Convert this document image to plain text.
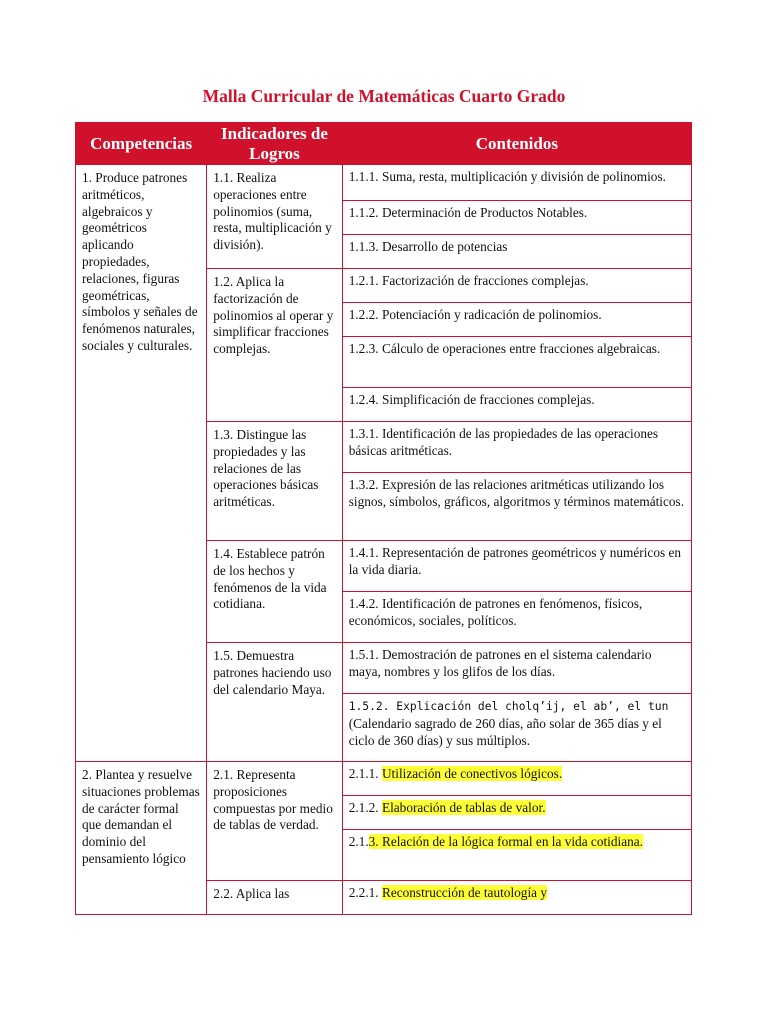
Malla Curricular de Matemáticas Cuarto Grado
Competencias	Indicadores de Logros	Contenidos
1. Produce patrones aritméticos, algebraicos y geométricos aplicando propiedades, relaciones, figuras geométricas, símbolos y señales de fenómenos naturales, sociales y culturales.	1.1. Realiza operaciones entre polinomios (suma, resta, multiplicación y división).	1.1.1. Suma, resta, multiplicación y división de polinomios.
		1.1.2. Determinación de Productos Notables.
		1.1.3. Desarrollo de potencias
	1.2. Aplica la factorización de polinomios al operar y simplificar fracciones complejas.	1.2.1. Factorización de fracciones complejas.
		1.2.2. Potenciación y radicación de polinomios.
		1.2.3. Cálculo de operaciones entre fracciones algebraicas.
		1.2.4. Simplificación de fracciones complejas.
	1.3. Distingue las propiedades y las relaciones de las operaciones básicas aritméticas.	1.3.1. Identificación de las propiedades de las operaciones básicas aritméticas.
		1.3.2. Expresión de las relaciones aritméticas utilizando los signos, símbolos, gráficos, algoritmos y términos matemáticos.
	1.4. Establece patrón de los hechos y fenómenos de la vida cotidiana.	1.4.1. Representación de patrones geométricos y numéricos en la vida diaria.
		1.4.2. Identificación de patrones en fenómenos, físicos, económicos, sociales, políticos.
	1.5. Demuestra patrones haciendo uso del calendario Maya.	1.5.1. Demostración de patrones en el sistema calendario maya, nombres y los glifos de los días.
		1.5.2. Explicación del cholq’ij, el ab’, el tun (Calendario sagrado de 260 días, año solar de 365 días y el ciclo de 360 días) y sus múltiplos.
2. Plantea y resuelve situaciones problemas de carácter formal que demandan el dominio del pensamiento lógico	2.1. Representa proposiciones compuestas por medio de tablas de verdad.	2.1.1. Utilización de conectivos lógicos.
		2.1.2. Elaboración de tablas de valor.
		2.1.3. Relación de la lógica formal en la vida cotidiana.
	2.2. Aplica las	2.2.1. Reconstrucción de tautología y
